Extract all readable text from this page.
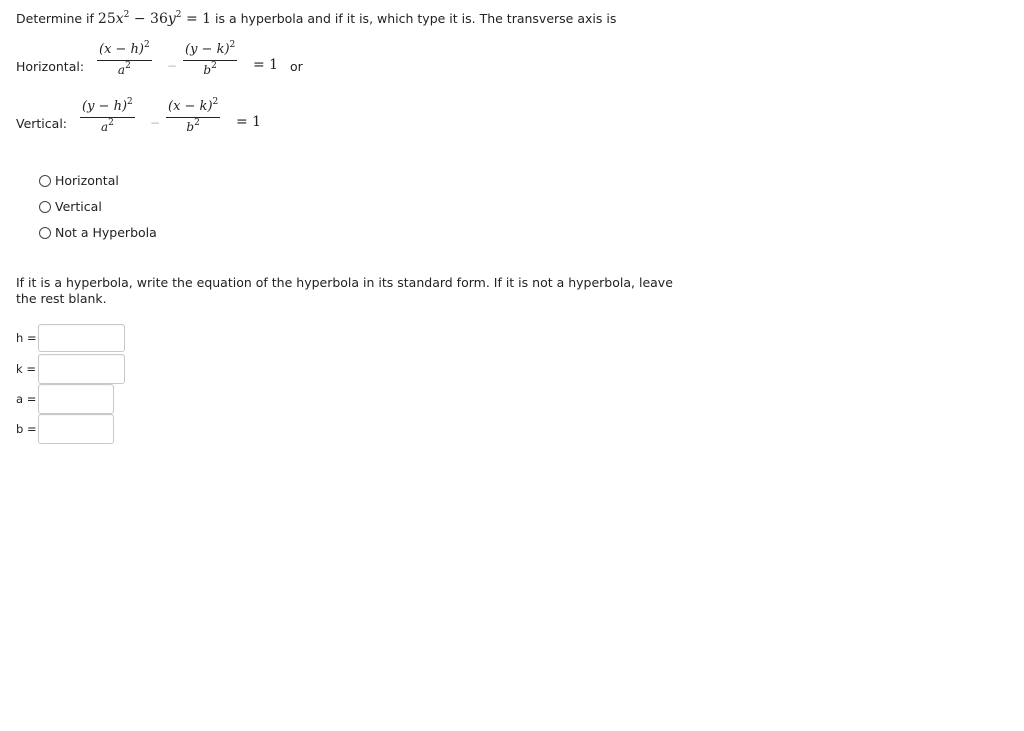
Determine if $25x^2 - 36y^2 = 1$ is a hyperbola and if it is, which type it is. The transverse axis is
Horizontal:
$(x - h)^2$
$a^2$	−
$(y - k)^2$
$b^2$	= 1 or
Vertical:
$(y - h)^2$
$a^2$	−
$(x - k)^2$
$b^2$	= 1
Horizontal
Vertical
Not a Hyperbola
If it is a hyperbola, write the equation of the hyperbola in its standard form. If it is not a hyperbola, leave
the rest blank.
h =
k =
a =
b =
